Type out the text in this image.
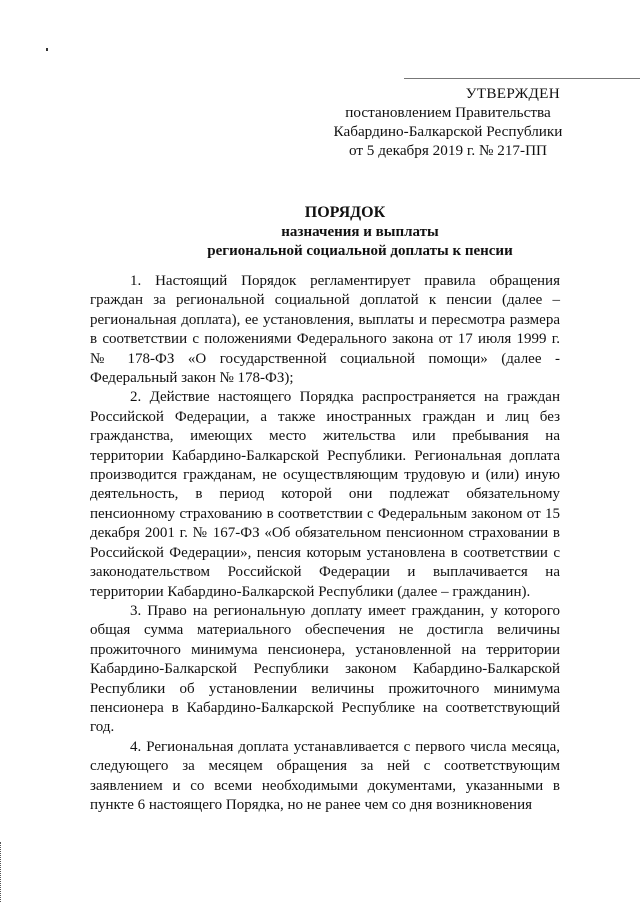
УТВЕРЖДЕН
постановлением Правительства
Кабардино-Балкарской Республики
от 5 декабря 2019 г. № 217-ПП
ПОРЯДОК
назначения и выплаты
региональной социальной доплаты к пенсии

1. Настоящий Порядок регламентирует правила обращения граждан за региональной социальной доплатой к пенсии (далее – региональная доплата), ее установления, выплаты и пересмотра размера в соответствии с положениями Федерального закона от 17 июля 1999 г. № 178-ФЗ «О государственной социальной помощи» (далее - Федеральный закон № 178-ФЗ);

2. Действие настоящего Порядка распространяется на граждан Российской Федерации, а также иностранных граждан и лиц без гражданства, имеющих место жительства или пребывания на территории Кабардино-Балкарской Республики. Региональная доплата производится гражданам, не осуществляющим трудовую и (или) иную деятельность, в период которой они подлежат обязательному пенсионному страхованию в соответствии с Федеральным законом от 15 декабря 2001 г. № 167-ФЗ «Об обязательном пенсионном страховании в Российской Федерации», пенсия которым установлена в соответствии с законодательством Российской Федерации и выплачивается на территории Кабардино-Балкарской Республики (далее – гражданин).

3. Право на региональную доплату имеет гражданин, у которого общая сумма материального обеспечения не достигла величины прожиточного минимума пенсионера, установленной на территории Кабардино-Балкарской Республики законом Кабардино-Балкарской Республики об установлении величины прожиточного минимума пенсионера в Кабардино-Балкарской Республике на соответствующий год.

4. Региональная доплата устанавливается с первого числа месяца, следующего за месяцем обращения за ней с соответствующим заявлением и со всеми необходимыми документами, указанными в пункте 6 настоящего Порядка, но не ранее чем со дня возникновения
